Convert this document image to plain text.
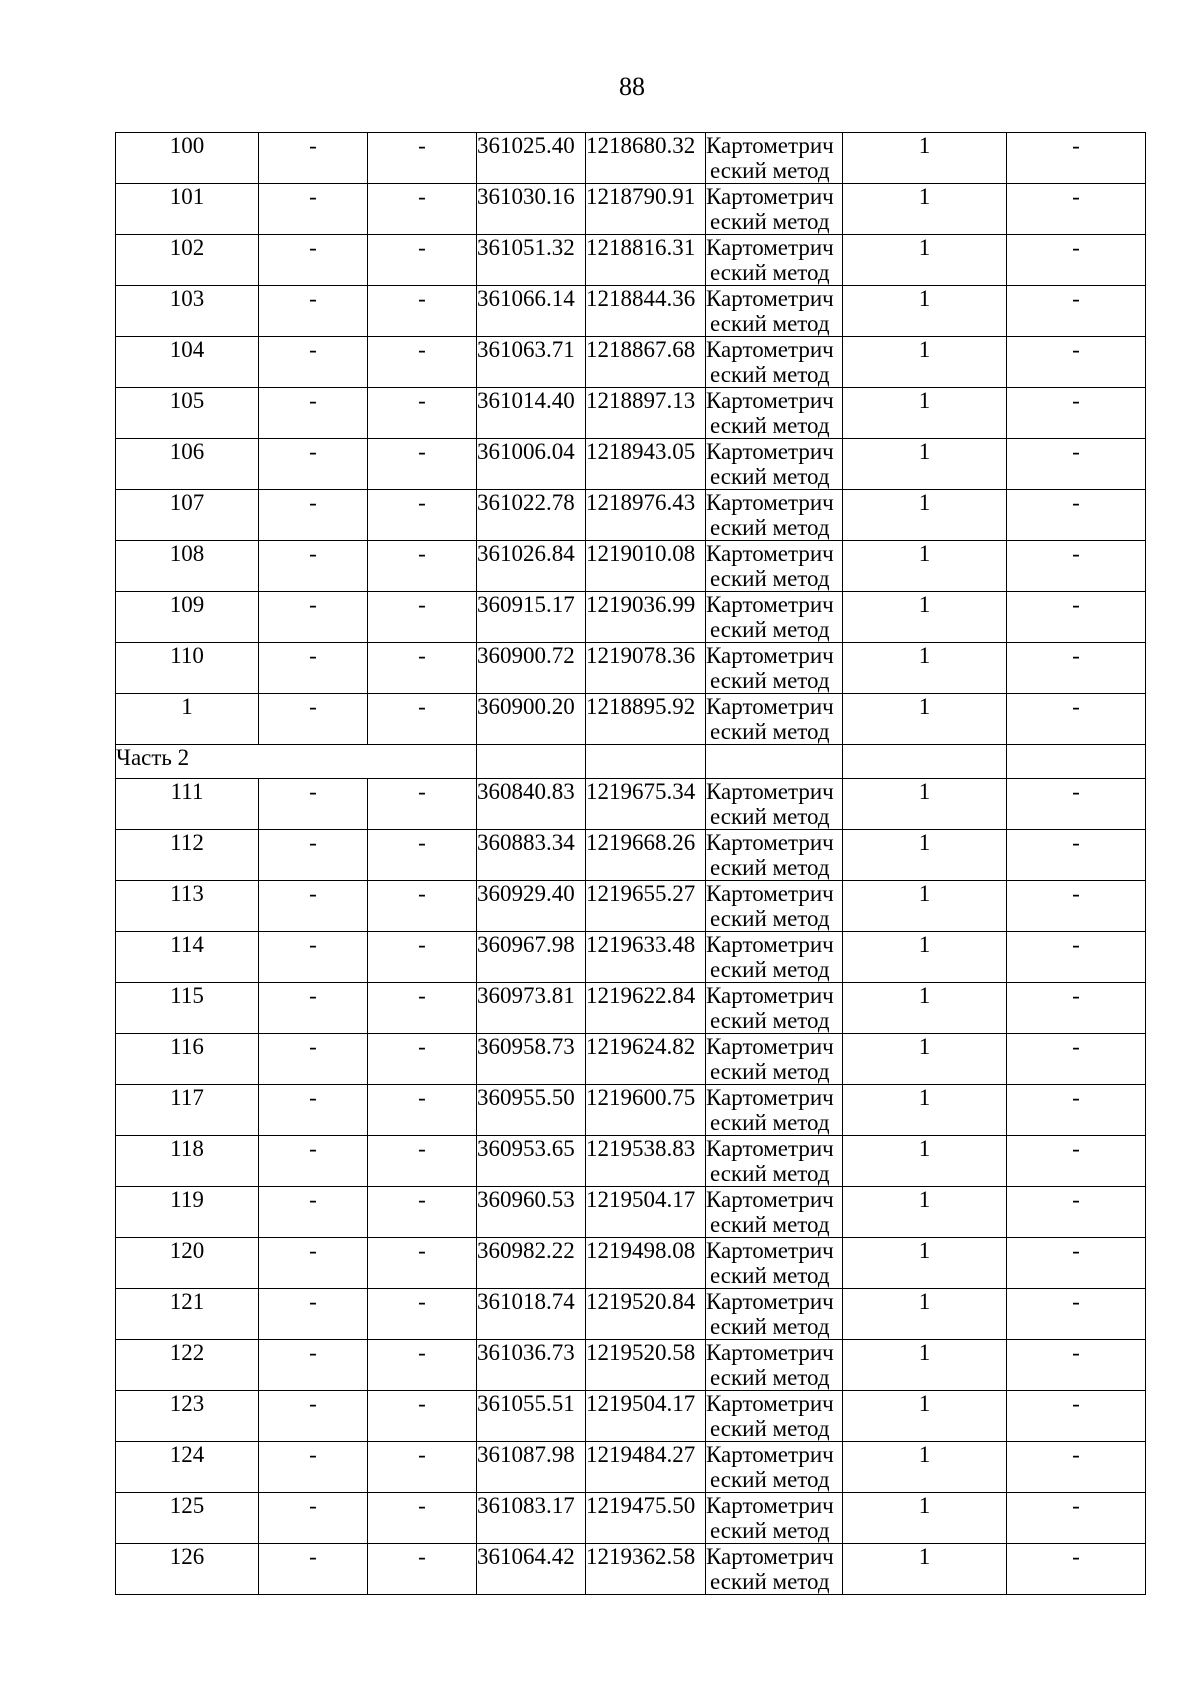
88
100	-	-	361025.40	1218680.32	Картометрич
еский метод	1	-
101	-	-	361030.16	1218790.91	Картометрич
еский метод	1	-
102	-	-	361051.32	1218816.31	Картометрич
еский метод	1	-
103	-	-	361066.14	1218844.36	Картометрич
еский метод	1	-
104	-	-	361063.71	1218867.68	Картометрич
еский метод	1	-
105	-	-	361014.40	1218897.13	Картометрич
еский метод	1	-
106	-	-	361006.04	1218943.05	Картометрич
еский метод	1	-
107	-	-	361022.78	1218976.43	Картометрич
еский метод	1	-
108	-	-	361026.84	1219010.08	Картометрич
еский метод	1	-
109	-	-	360915.17	1219036.99	Картометрич
еский метод	1	-
110	-	-	360900.72	1219078.36	Картометрич
еский метод	1	-
1	-	-	360900.20	1218895.92	Картометрич
еский метод	1	-
Часть 2							
111	-	-	360840.83	1219675.34	Картометрич
еский метод	1	-
112	-	-	360883.34	1219668.26	Картометрич
еский метод	1	-
113	-	-	360929.40	1219655.27	Картометрич
еский метод	1	-
114	-	-	360967.98	1219633.48	Картометрич
еский метод	1	-
115	-	-	360973.81	1219622.84	Картометрич
еский метод	1	-
116	-	-	360958.73	1219624.82	Картометрич
еский метод	1	-
117	-	-	360955.50	1219600.75	Картометрич
еский метод	1	-
118	-	-	360953.65	1219538.83	Картометрич
еский метод	1	-
119	-	-	360960.53	1219504.17	Картометрич
еский метод	1	-
120	-	-	360982.22	1219498.08	Картометрич
еский метод	1	-
121	-	-	361018.74	1219520.84	Картометрич
еский метод	1	-
122	-	-	361036.73	1219520.58	Картометрич
еский метод	1	-
123	-	-	361055.51	1219504.17	Картометрич
еский метод	1	-
124	-	-	361087.98	1219484.27	Картометрич
еский метод	1	-
125	-	-	361083.17	1219475.50	Картометрич
еский метод	1	-
126	-	-	361064.42	1219362.58	Картометрич
еский метод	1	-
